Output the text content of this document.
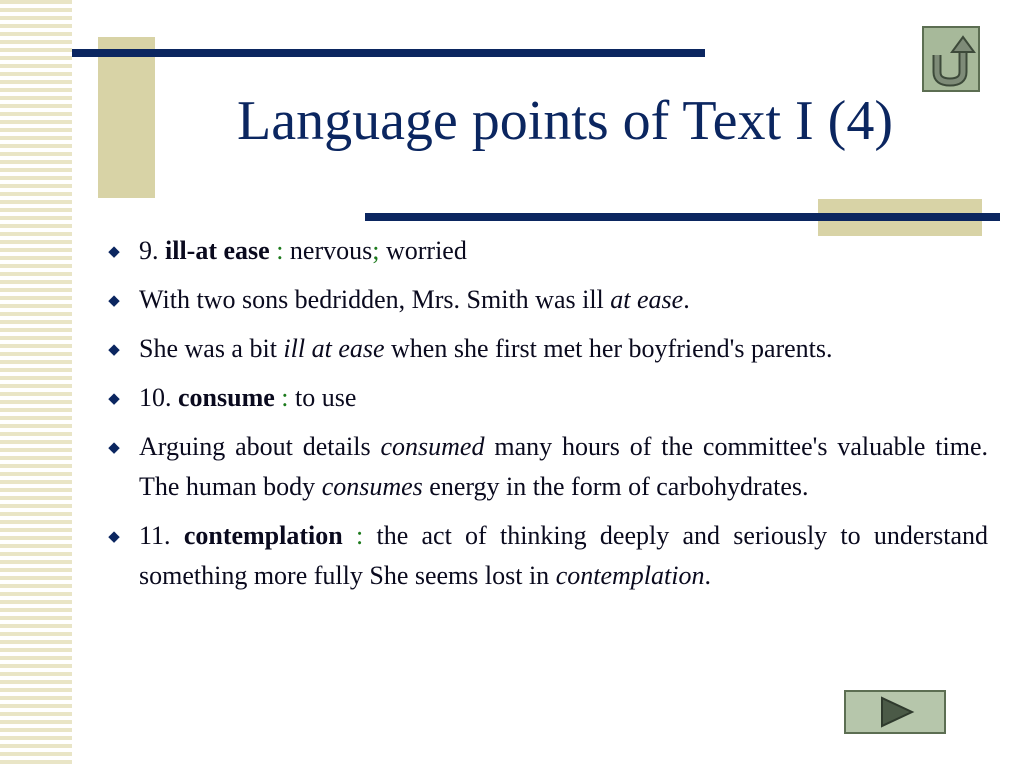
Language points of Text I (4)
◆ 9. ill-at ease : nervous; worried
◆ With two sons bedridden, Mrs. Smith was ill at ease.
◆ She was a bit ill at ease when she first met her boyfriend's parents.
◆ 10. consume : to use
◆ Arguing about details consumed many hours of the committee's valuable time. The human body consumes energy in the form of carbohydrates.
◆ 11. contemplation : the act of thinking deeply and seriously to understand something more fully She seems lost in contemplation.
